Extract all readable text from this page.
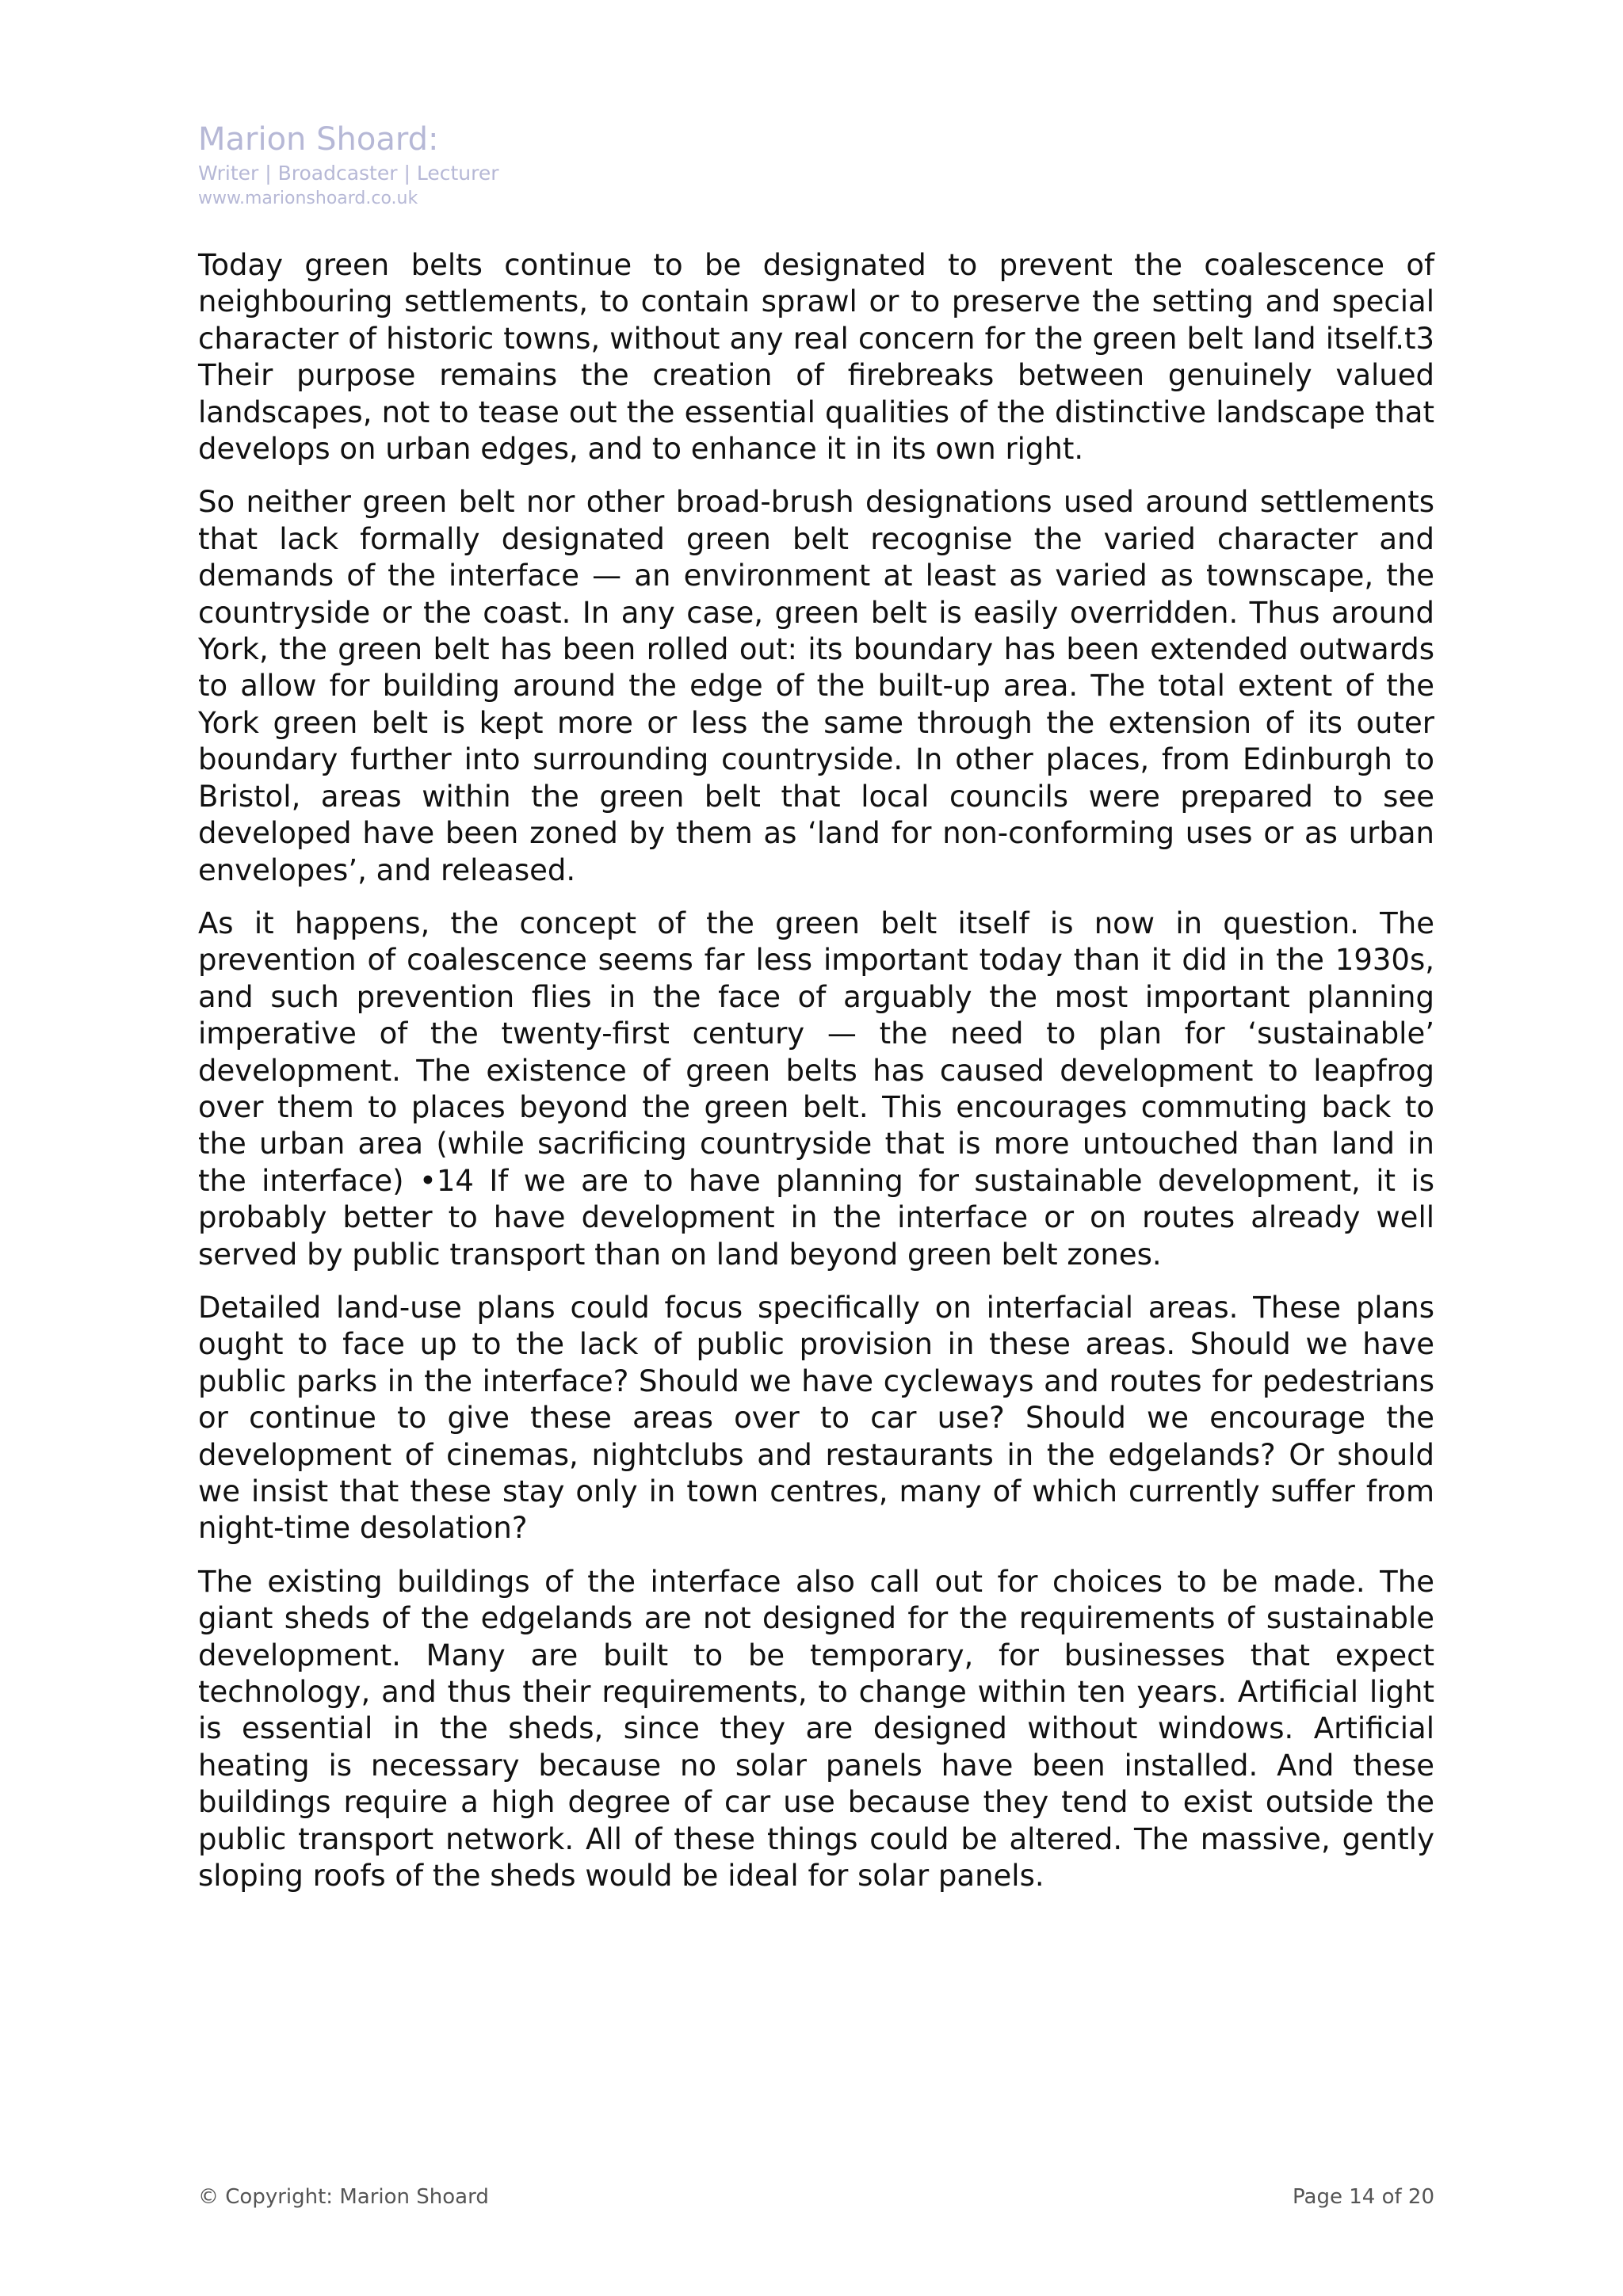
Marion Shoard:

Writer | Broadcaster | Lecturer

www.marionshoard.co.uk

Today green belts continue to be designated to prevent the coalescence of neighbouring settlements, to contain sprawl or to preserve the setting and special character of historic towns, without any real concern for the green belt land itself.t3 Their purpose remains the creation of firebreaks between genuinely valued landscapes, not to tease out the essential qualities of the distinctive landscape that develops on urban edges, and to enhance it in its own right.

So neither green belt nor other broad-brush designations used around settlements that lack formally designated green belt recognise the varied character and demands of the interface — an environment at least as varied as townscape, the countryside or the coast. In any case, green belt is easily overridden. Thus around York, the green belt has been rolled out: its boundary has been extended outwards to allow for building around the edge of the built-up area. The total extent of the York green belt is kept more or less the same through the extension of its outer boundary further into surrounding countryside. In other places, from Edinburgh to Bristol, areas within the green belt that local councils were prepared to see developed have been zoned by them as ‘land for non-conforming uses or as urban envelopes’, and released.

As it happens, the concept of the green belt itself is now in question. The prevention of coalescence seems far less important today than it did in the 1930s, and such prevention flies in the face of arguably the most important planning imperative of the twenty-first century — the need to plan for ‘sustainable’ development. The existence of green belts has caused development to leapfrog over them to places beyond the green belt. This encourages commuting back to the urban area (while sacrificing countryside that is more untouched than land in the interface) •14 If we are to have planning for sustainable development, it is probably better to have development in the interface or on routes already well served by public transport than on land beyond green belt zones.

Detailed land-use plans could focus specifically on interfacial areas. These plans ought to face up to the lack of public provision in these areas. Should we have public parks in the interface? Should we have cycleways and routes for pedestrians or continue to give these areas over to car use? Should we encourage the development of cinemas, nightclubs and restaurants in the edgelands? Or should we insist that these stay only in town centres, many of which currently suffer from night-time desolation?

The existing buildings of the interface also call out for choices to be made. The giant sheds of the edgelands are not designed for the requirements of sustainable development. Many are built to be temporary, for businesses that expect technology, and thus their requirements, to change within ten years. Artificial light is essential in the sheds, since they are designed without windows. Artificial heating is necessary because no solar panels have been installed. And these buildings require a high degree of car use because they tend to exist outside the public transport network. All of these things could be altered. The massive, gently sloping roofs of the sheds would be ideal for solar panels.

© Copyright: Marion Shoard	Page 14 of 20
